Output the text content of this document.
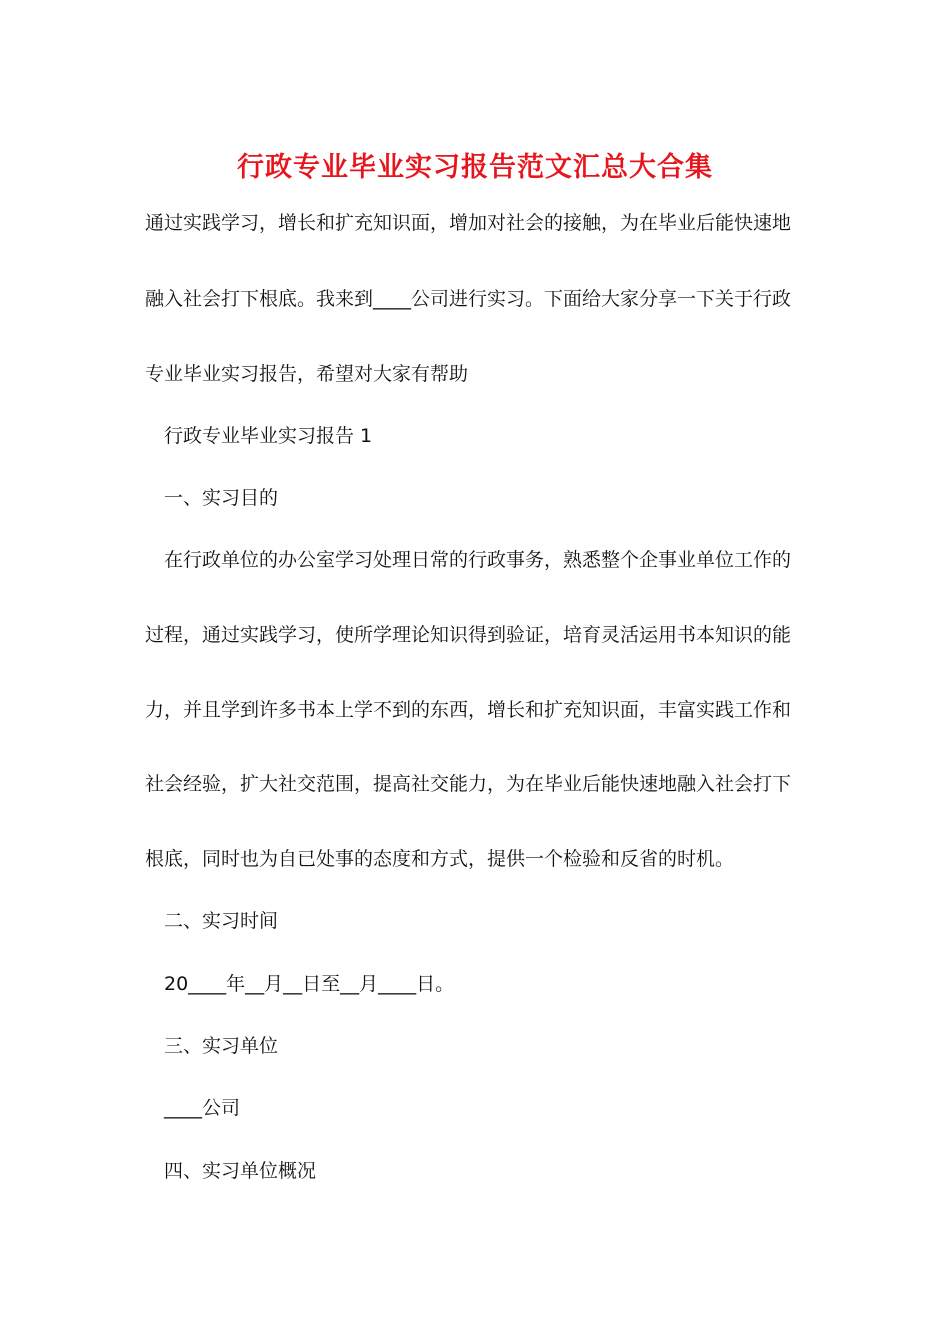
行政专业毕业实习报告范文汇总大合集
通过实践学习，增长和扩充知识面，增加对社会的接触，为在毕业后能快速地
融入社会打下根底。我来到____公司进行实习。下面给大家分享一下关于行政
专业毕业实习报告，希望对大家有帮助
行政专业毕业实习报告 1
一、实习目的
在行政单位的办公室学习处理日常的行政事务，熟悉整个企事业单位工作的
过程，通过实践学习，使所学理论知识得到验证，培育灵活运用书本知识的能
力，并且学到许多书本上学不到的东西，增长和扩充知识面，丰富实践工作和
社会经验，扩大社交范围，提高社交能力，为在毕业后能快速地融入社会打下
根底，同时也为自已处事的态度和方式，提供一个检验和反省的时机。
二、实习时间
20____年__月__日至__月____日。
三、实习单位
____公司
四、实习单位概况
